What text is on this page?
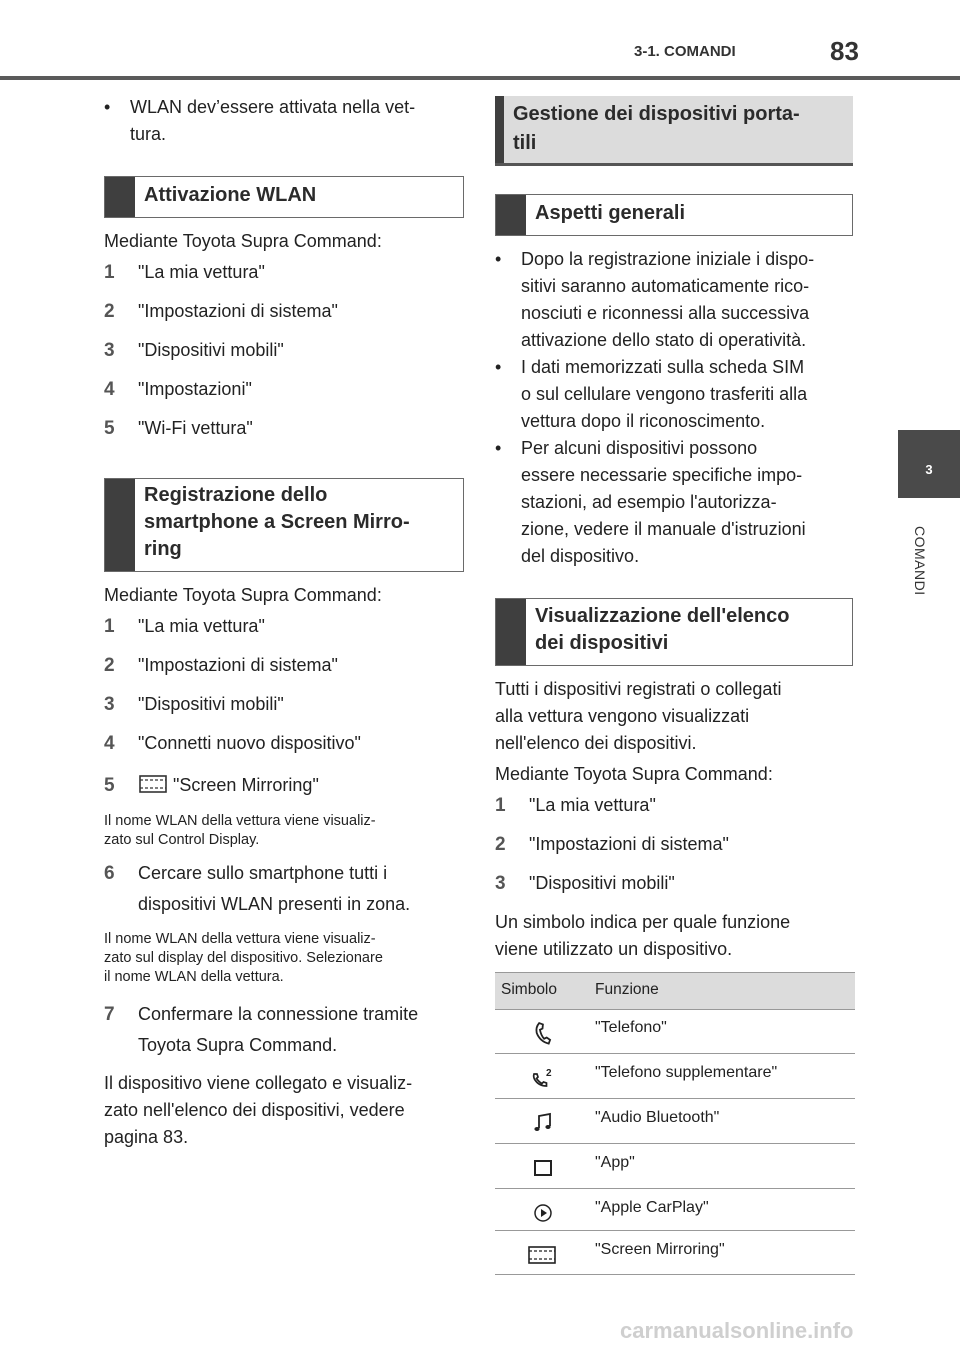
3-1. COMANDI	83
3
COMANDI
• WLAN dev’essere attivata nella vet-
tura.
Attivazione WLAN
Mediante Toyota Supra Command:
1 "La mia vettura"
2 "Impostazioni di sistema"
3 "Dispositivi mobili"
4 "Impostazioni"
5 "Wi-Fi vettura"
Registrazione dello
smartphone a Screen Mirro-
ring
Mediante Toyota Supra Command:
1 "La mia vettura"
2 "Impostazioni di sistema"
3 "Dispositivi mobili"
4 "Connetti nuovo dispositivo"
5	"Screen Mirroring"
Il nome WLAN della vettura viene visualiz-
zato sul Control Display.
6 Cercare sullo smartphone tutti i
dispositivi WLAN presenti in zona.
Il nome WLAN della vettura viene visualiz-
zato sul display del dispositivo. Selezionare
il nome WLAN della vettura.
7 Confermare la connessione tramite
Toyota Supra Command.
Il dispositivo viene collegato e visualiz-
zato nell'elenco dei dispositivi, vedere
pagina 83.
Gestione dei dispositivi porta-
tili
Aspetti generali
• Dopo la registrazione iniziale i dispo-
sitivi saranno automaticamente rico-
nosciuti e riconnessi alla successiva
attivazione dello stato di operatività.
• I dati memorizzati sulla scheda SIM
o sul cellulare vengono trasferiti alla
vettura dopo il riconoscimento.
• Per alcuni dispositivi possono
essere necessarie specifiche impo-
stazioni, ad esempio l'autorizza-
zione, vedere il manuale d'istruzioni
del dispositivo.
Visualizzazione dell'elenco
dei dispositivi
Tutti i dispositivi registrati o collegati
alla vettura vengono visualizzati
nell'elenco dei dispositivi.
Mediante Toyota Supra Command:
1 "La mia vettura"
2 "Impostazioni di sistema"
3 "Dispositivi mobili"
Un simbolo indica per quale funzione
viene utilizzato un dispositivo.
Simbolo Funzione
"Telefono"
2	"Telefono supplementare"
"Audio Bluetooth"
"App"
"Apple CarPlay"
"Screen Mirroring"
carmanualsonline.info
